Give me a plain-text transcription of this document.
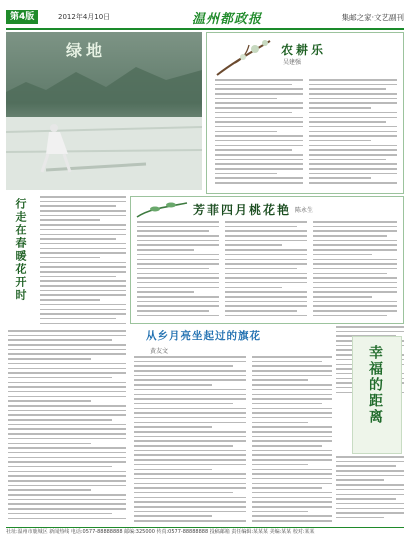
第4版	2012年4月10日	温州都政报	集邮之家·文艺副刊
绿地	农耕乐
吴建强
行走在春暖花开时	芳菲四月桃花艳 陈永生
从乡月亮坐起过的旗花
黄友文	幸福的距离
社址:温州市鹿城区 新闻热线 电话:0577-88888888 邮编:325000 传真:0577-88888888 投稿邮箱 责任编辑:某某某 美编:某某 校对:某某
